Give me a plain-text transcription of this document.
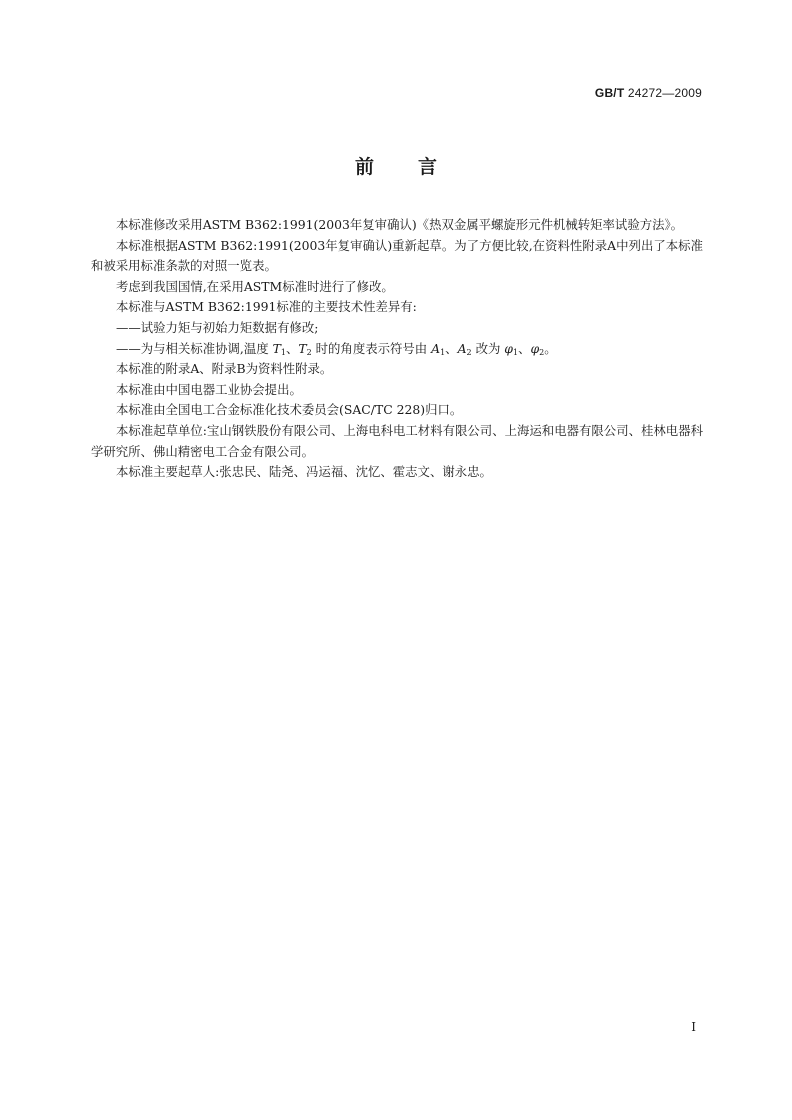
GB/T 24272—2009
前言

本标准修改采用ASTM B362:1991(2003年复审确认)《热双金属平螺旋形元件机械转矩率试验方法》。

本标准根据ASTM B362:1991(2003年复审确认)重新起草。为了方便比较,在资料性附录A中列出了本标准和被采用标准条款的对照一览表。

考虑到我国国情,在采用ASTM标准时进行了修改。

本标准与ASTM B362:1991标准的主要技术性差异有:

——试验力矩与初始力矩数据有修改;

——为与相关标准协调,温度 $T_1$、$T_2$ 时的角度表示符号由 $A_1$、$A_2$ 改为 $\varphi_1$、$\varphi_2$。

本标准的附录A、附录B为资料性附录。

本标准由中国电器工业协会提出。

本标准由全国电工合金标准化技术委员会(SAC/TC 228)归口。

本标准起草单位:宝山钢铁股份有限公司、上海电科电工材料有限公司、上海运和电器有限公司、桂林电器科学研究所、佛山精密电工合金有限公司。

本标准主要起草人:张忠民、陆尧、冯运福、沈忆、霍志文、谢永忠。

I
